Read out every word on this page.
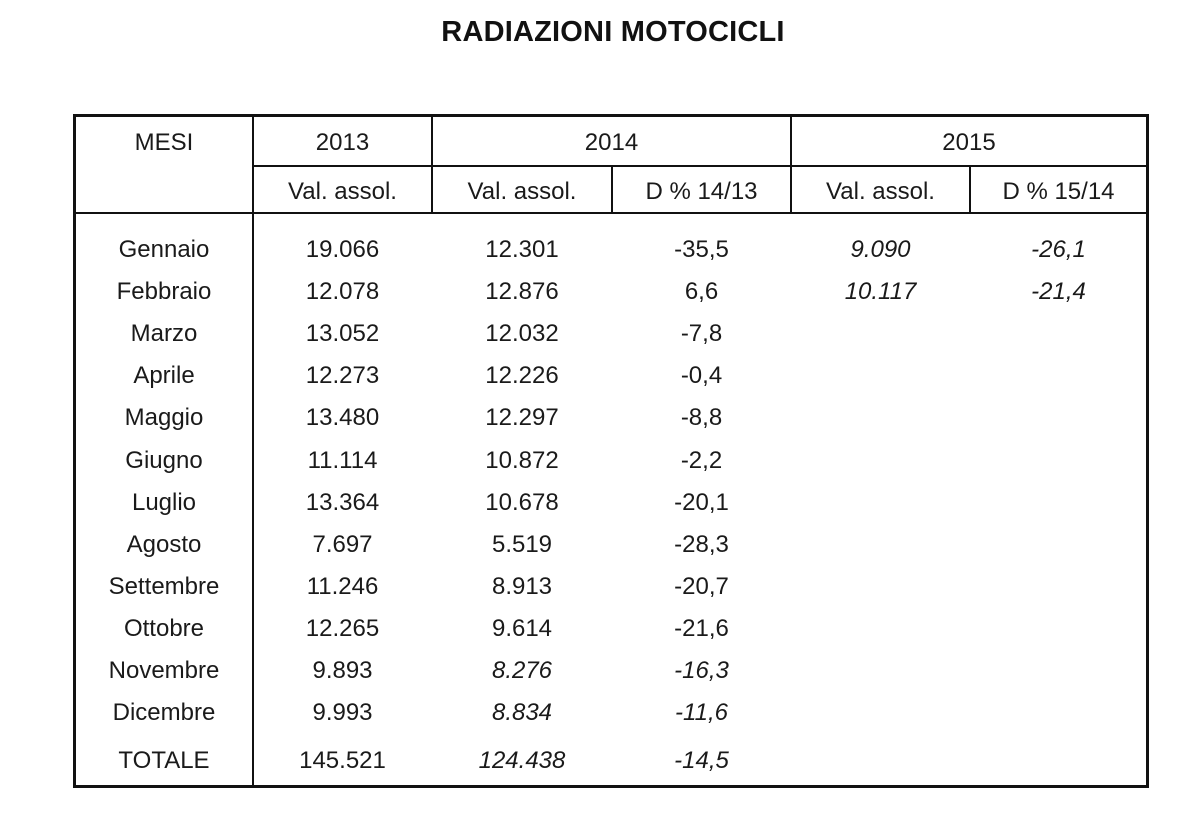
RADIAZIONI MOTOCICLI
MESI	2013	2014	2015
Val. assol.	Val. assol.	D % 14/13	Val. assol.	D % 15/14
Gennaio	19.066	12.301	-35,5	9.090	-26,1
Febbraio	12.078	12.876	6,6	10.117	-21,4
Marzo	13.052	12.032	-7,8
Aprile	12.273	12.226	-0,4
Maggio	13.480	12.297	-8,8
Giugno	11.114	10.872	-2,2
Luglio	13.364	10.678	-20,1
Agosto	7.697	5.519	-28,3
Settembre	11.246	8.913	-20,7
Ottobre	12.265	9.614	-21,6
Novembre	9.893	8.276	-16,3
Dicembre	9.993	8.834	-11,6
TOTALE	145.521	124.438	-14,5
